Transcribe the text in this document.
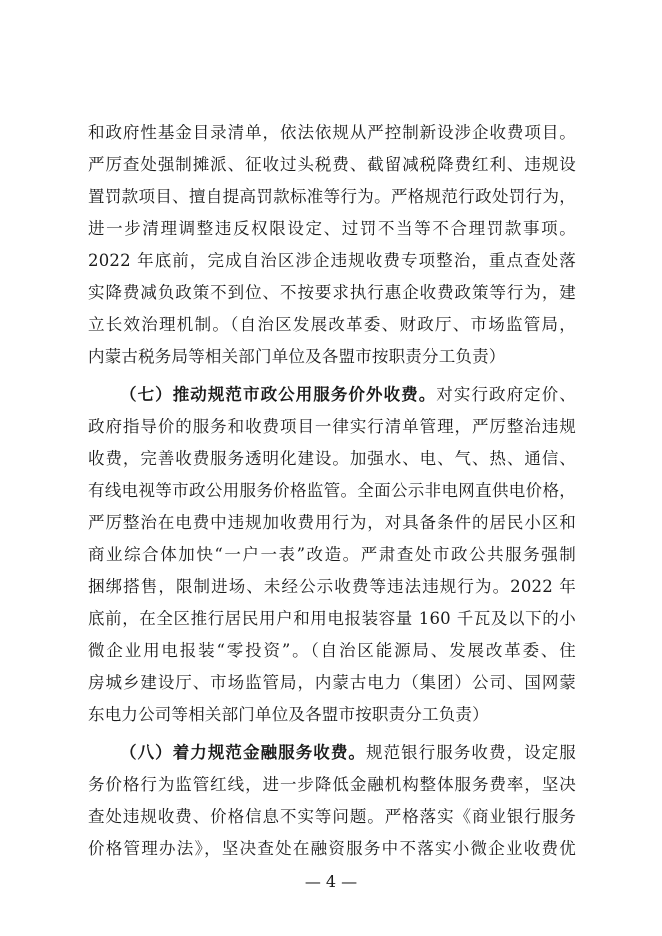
和政府性基金目录清单，依法依规从严控制新设涉企收费项目。
严厉查处强制摊派、征收过头税费、截留减税降费红利、违规设
置罚款项目、擅自提高罚款标准等行为。严格规范行政处罚行为，
进一步清理调整违反权限设定、过罚不当等不合理罚款事项。
2022 年底前，完成自治区涉企违规收费专项整治，重点查处落
实降费减负政策不到位、不按要求执行惠企收费政策等行为，建
立长效治理机制。（自治区发展改革委、财政厅、市场监管局，
内蒙古税务局等相关部门单位及各盟市按职责分工负责）
（七）推动规范市政公用服务价外收费。对实行政府定价、
政府指导价的服务和收费项目一律实行清单管理，严厉整治违规
收费，完善收费服务透明化建设。加强水、电、气、热、通信、
有线电视等市政公用服务价格监管。全面公示非电网直供电价格，
严厉整治在电费中违规加收费用行为，对具备条件的居民小区和
商业综合体加快“一户一表”改造。严肃查处市政公共服务强制
捆绑搭售，限制进场、未经公示收费等违法违规行为。2022 年
底前，在全区推行居民用户和用电报装容量 160 千瓦及以下的小
微企业用电报装“零投资”。（自治区能源局、发展改革委、住
房城乡建设厅、市场监管局，内蒙古电力（集团）公司、国网蒙
东电力公司等相关部门单位及各盟市按职责分工负责）
（八）着力规范金融服务收费。规范银行服务收费，设定服
务价格行为监管红线，进一步降低金融机构整体服务费率，坚决
查处违规收费、价格信息不实等问题。严格落实《商业银行服务
— 4 —
价格管理办法》，坚决查处在融资服务中不落实小微企业收费优
